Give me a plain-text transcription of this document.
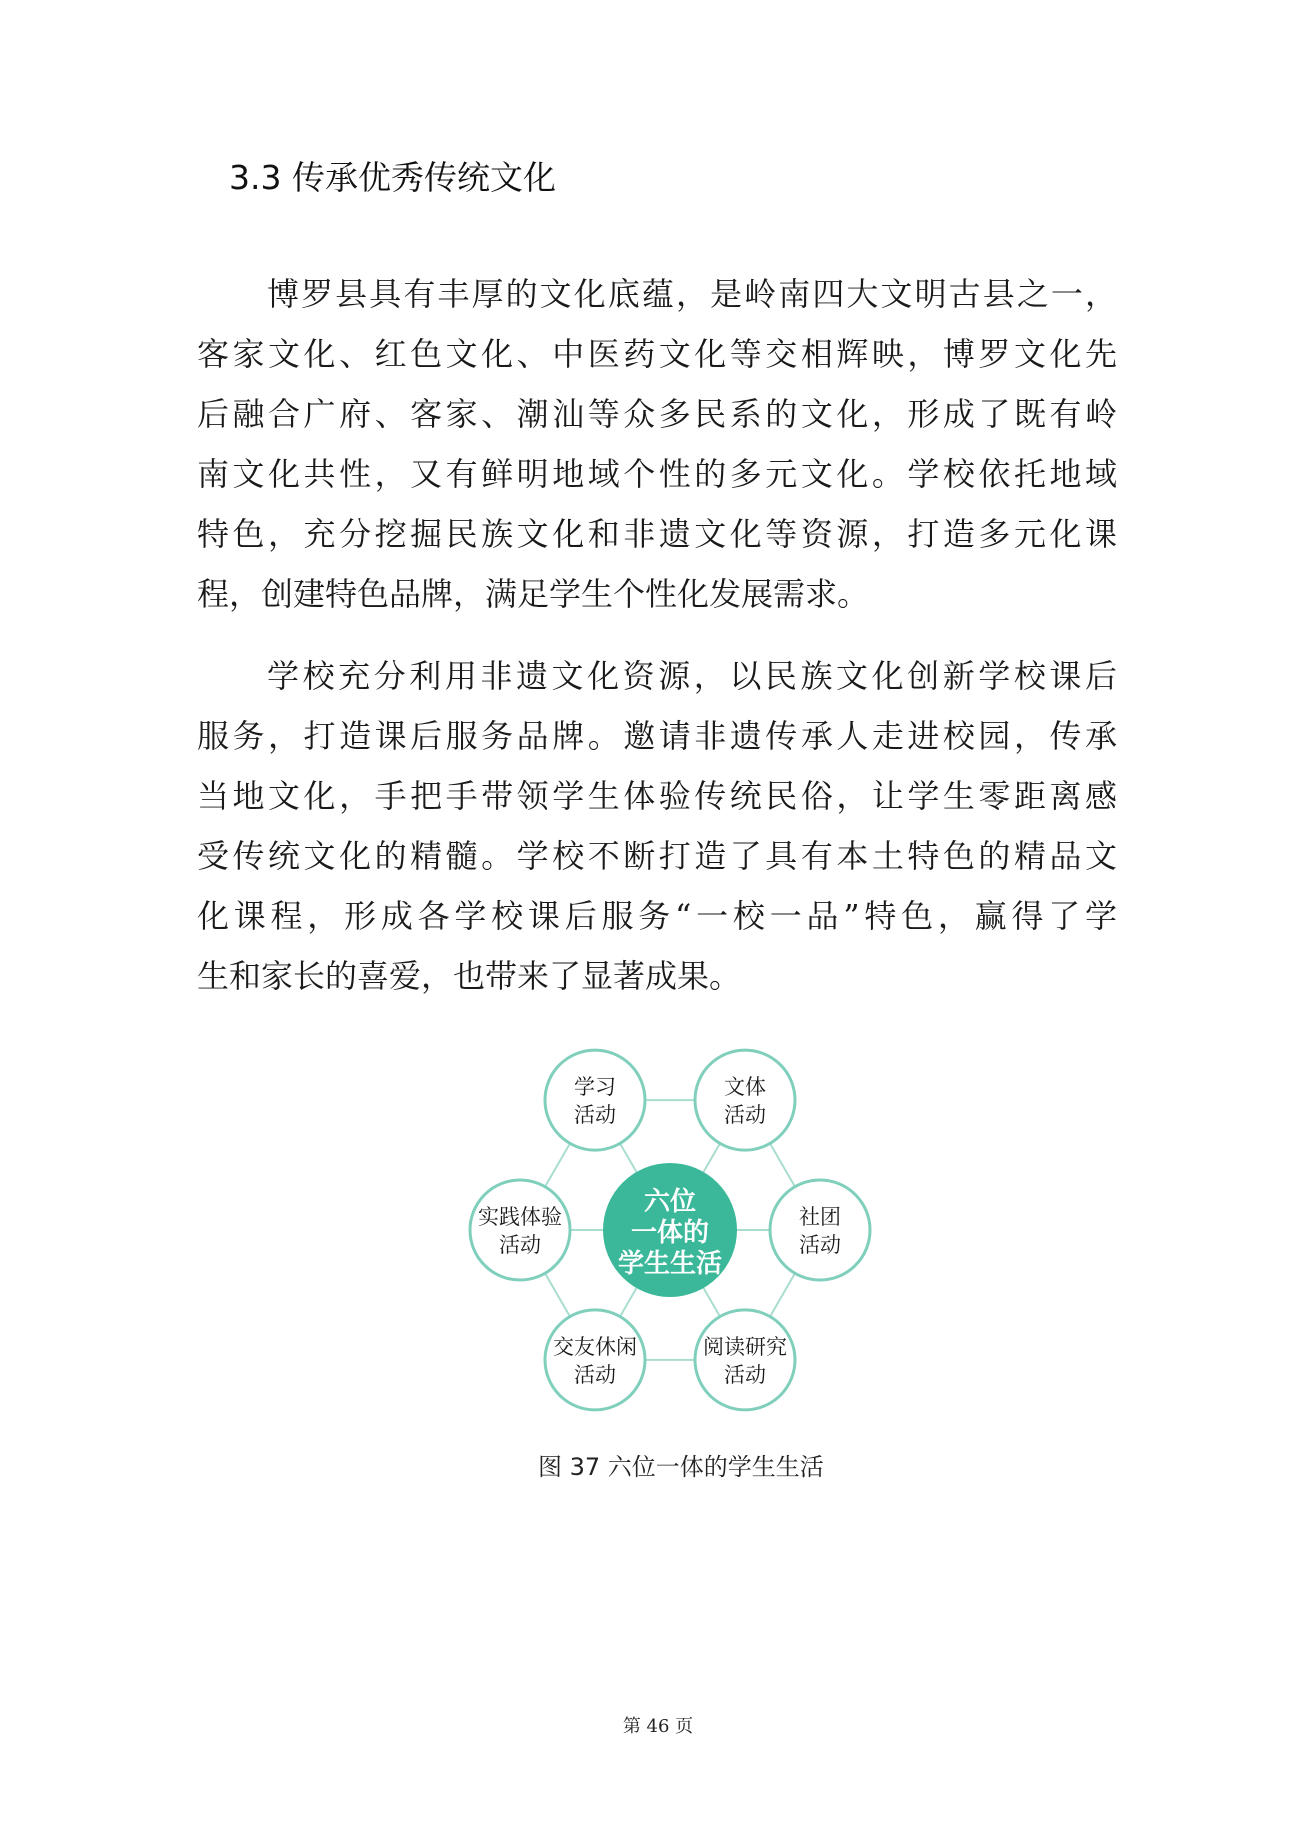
3.3 传承优秀传统文化
博罗县具有丰厚的文化底蕴，是岭南四大文明古县之一，
客家文化、红色文化、中医药文化等交相辉映，博罗文化先
后融合广府、客家、潮汕等众多民系的文化，形成了既有岭
南文化共性，又有鲜明地域个性的多元文化。学校依托地域
特色，充分挖掘民族文化和非遗文化等资源，打造多元化课
程，创建特色品牌，满足学生个性化发展需求。
学校充分利用非遗文化资源，以民族文化创新学校课后
服务，打造课后服务品牌。邀请非遗传承人走进校园，传承
当地文化，手把手带领学生体验传统民俗，让学生零距离感
受传统文化的精髓。学校不断打造了具有本土特色的精品文
化课程，形成各学校课后服务“一校一品”特色，赢得了学
生和家长的喜爱，也带来了显著成果。
学习
活动
文体
活动
社团
活动
阅读研究
活动
交友休闲
活动
实践体验
活动
六位
一体的
学生生活
图 37 六位一体的学生生活
第 46 页
